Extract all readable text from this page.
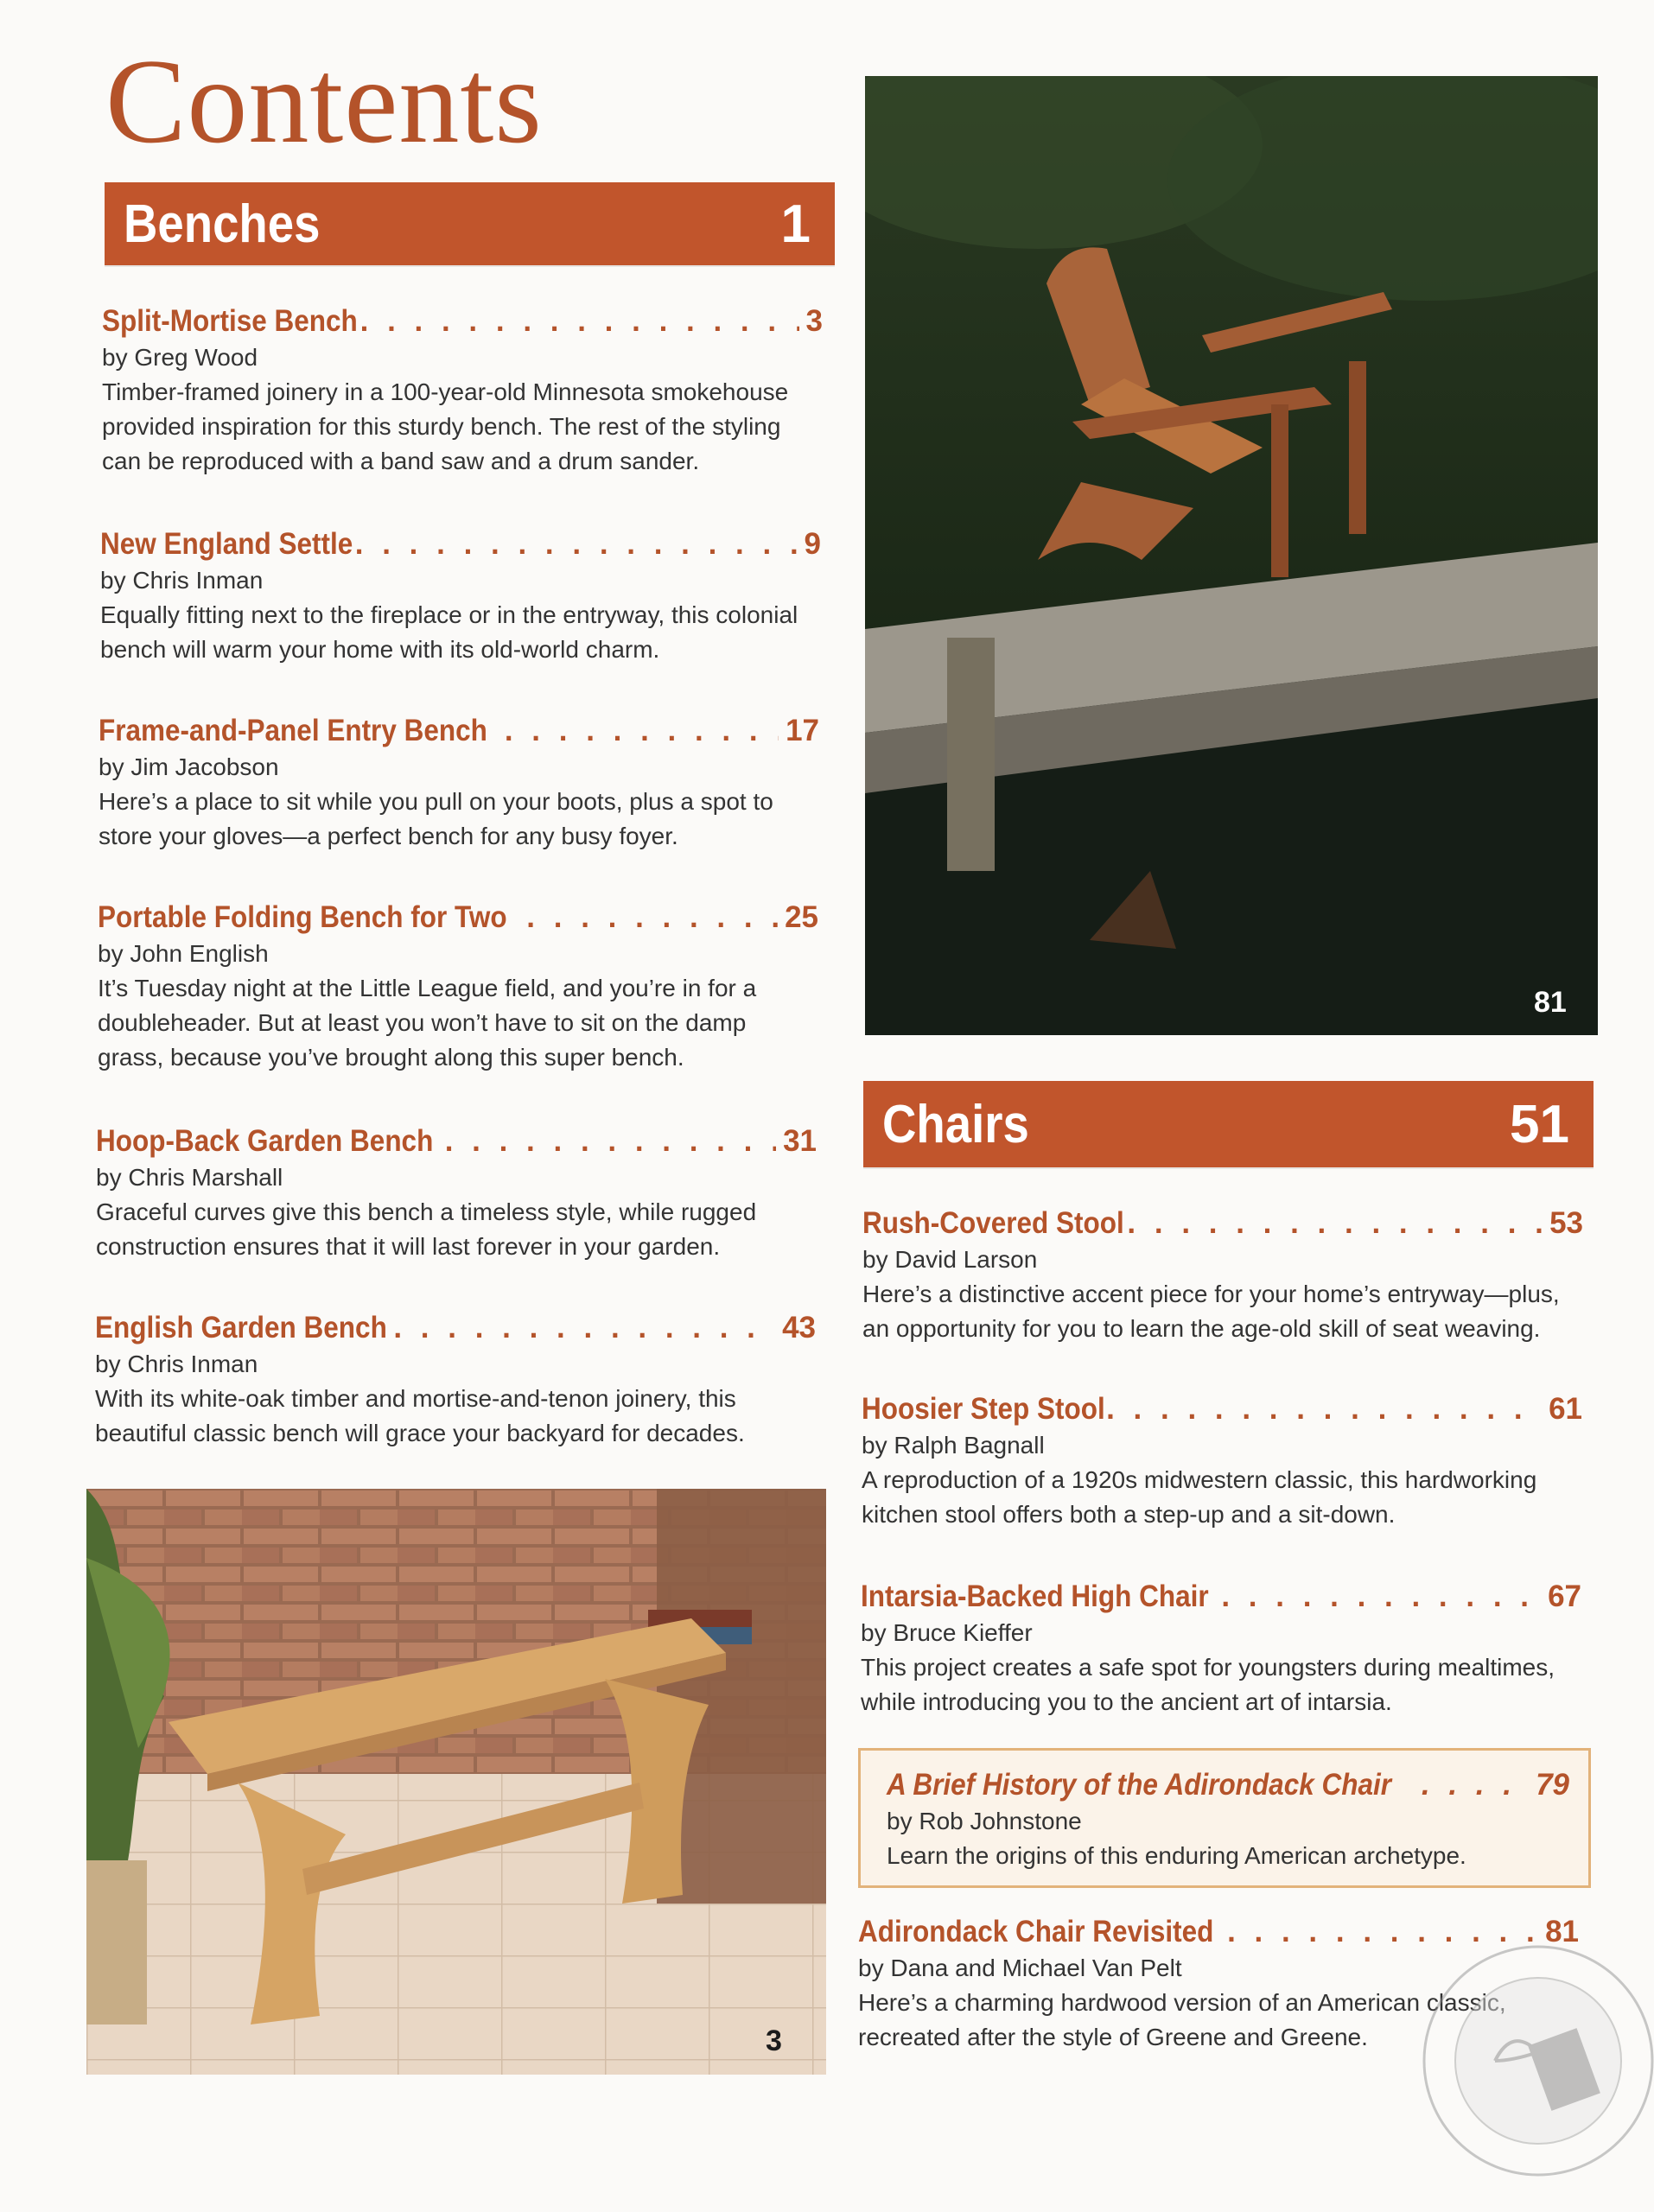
Contents
Benches	1
Split-Mortise Bench . . .	3
by Greg Wood
Timber-framed joinery in a 100-year-old Minnesota smokehouse
provided inspiration for this sturdy bench. The rest of the styling
can be reproduced with a band saw and a drum sander.
New England Settle . . .	9
by Chris Inman
Equally fitting next to the fireplace or in the entryway, this colonial
bench will warm your home with its old-world charm.
Frame-and-Panel Entry Bench . . .	17
by Jim Jacobson
Here’s a place to sit while you pull on your boots, plus a spot to
store your gloves—a perfect bench for any busy foyer.
Portable Folding Bench for Two . . .	25
by John English
It’s Tuesday night at the Little League field, and you’re in for a
doubleheader. But at least you won’t have to sit on the damp
grass, because you’ve brought along this super bench.
Hoop-Back Garden Bench . . .	31
by Chris Marshall
Graceful curves give this bench a timeless style, while rugged
construction ensures that it will last forever in your garden.
English Garden Bench . . .	43
by Chris Inman
With its white-oak timber and mortise-and-tenon joinery, this
beautiful classic bench will grace your backyard for decades.
3
81
Chairs	51
Rush-Covered Stool . . .	53
by David Larson
Here’s a distinctive accent piece for your home’s entryway—plus,
an opportunity for you to learn the age-old skill of seat weaving.
Hoosier Step Stool . . .	61
by Ralph Bagnall
A reproduction of a 1920s midwestern classic, this hardworking
kitchen stool offers both a step-up and a sit-down.
Intarsia-Backed High Chair . . .	67
by Bruce Kieffer
This project creates a safe spot for youngsters during mealtimes,
while introducing you to the ancient art of intarsia.
A Brief History of the Adirondack Chair . . .	79
by Rob Johnstone
Learn the origins of this enduring American archetype.
Adirondack Chair Revisited . . .	81
by Dana and Michael Van Pelt
Here’s a charming hardwood version of an American classic,
recreated after the style of Greene and Greene.
